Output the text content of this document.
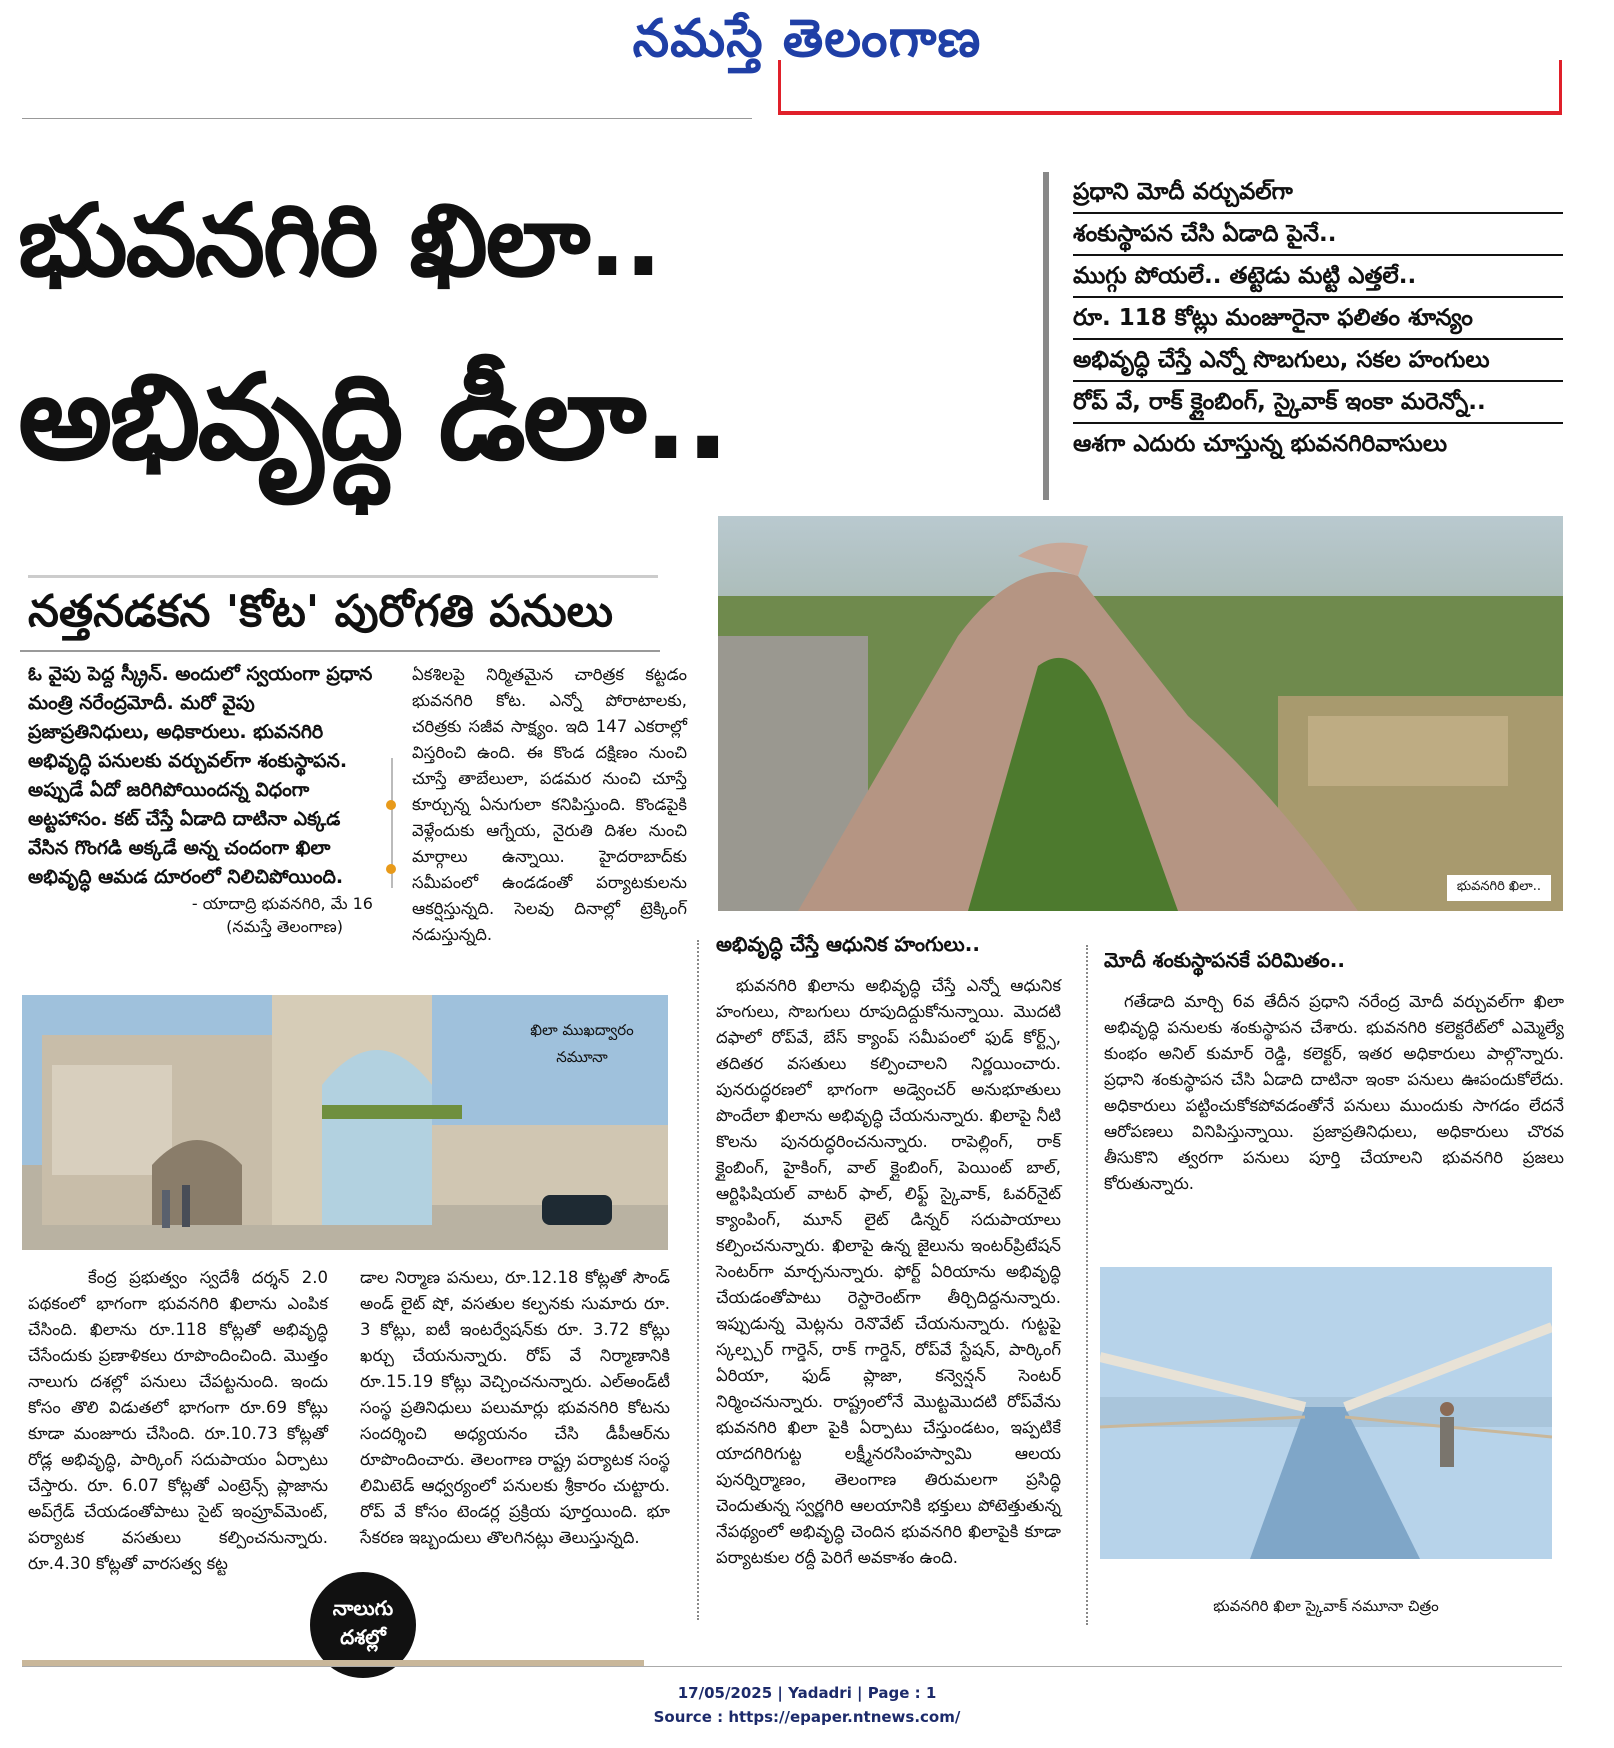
నమస్తే తెలంగాణ
భువనగిరి ఖిలా..
అభివృద్ధి డీలా..
ప్రధాని మోదీ వర్చువల్‌గా
శంకుస్థాపన చేసి ఏడాది పైనే..
ముగ్గు పోయలే.. తట్టెడు మట్టి ఎత్తలే..
రూ. 118 కోట్లు మంజూరైనా ఫలితం శూన్యం
అభివృద్ధి చేస్తే ఎన్నో సొబగులు, సకల హంగులు
రోప్ వే, రాక్ క్లైంబింగ్, స్కైవాక్ ఇంకా మరెన్నో..
ఆశగా ఎదురు చూస్తున్న భువనగిరివాసులు
భువనగిరి ఖిలా..
నత్తనడకన 'కోట' పురోగతి పనులు
ఓ వైపు పెద్ద స్క్రీన్. అందులో స్వయంగా ప్రధాన మంత్రి నరేంద్రమోదీ. మరో వైపు ప్రజాప్రతినిధులు, అధికారులు. భువనగిరి అభివృద్ధి పనులకు వర్చువల్‌గా శంకుస్థాపన. అప్పుడే ఏదో జరిగిపోయిందన్న విధంగా అట్టహాసం. కట్ చేస్తే ఏడాది దాటినా ఎక్కడ వేసిన గొంగడి అక్కడే అన్న చందంగా ఖిలా అభివృద్ధి ఆమడ దూరంలో నిలిచిపోయింది.
- యాదాద్రి భువనగిరి, మే 16
(నమస్తే తెలంగాణ)
ఏకశిలపై నిర్మితమైన చారిత్రక కట్టడం భువనగిరి కోట. ఎన్నో పోరాటాలకు, చరిత్రకు సజీవ సాక్ష్యం. ఇది 147 ఎకరాల్లో విస్తరించి ఉంది. ఈ కొండ దక్షిణం నుంచి చూస్తే తాబేలులా, పడమర నుంచి చూస్తే కూర్చున్న ఏనుగులా కనిపిస్తుంది. కొండపైకి వెళ్లేందుకు ఆగ్నేయ, నైరుతి దిశల నుంచి మార్గాలు ఉన్నాయి. హైదరాబాద్‌కు సమీపంలో ఉండడంతో పర్యాటకులను ఆకర్షిస్తున్నది. సెలవు దినాల్లో ట్రెక్కింగ్ నడుస్తున్నది.
ఖిలా ముఖద్వారం నమూనా
నాలుగు
దశల్లో
కేంద్ర ప్రభుత్వం స్వదేశీ దర్శన్ 2.0 పథకంలో భాగంగా భువనగిరి ఖిలాను ఎంపిక చేసింది. ఖిలాను రూ.118 కోట్లతో అభివృద్ధి చేసేందుకు ప్రణాళికలు రూపొందించింది. మొత్తం నాలుగు దశల్లో పనులు చేపట్టనుంది. ఇందు కోసం తొలి విడుతలో భాగంగా రూ.69 కోట్లు కూడా మంజూరు చేసింది. రూ.10.73 కోట్లతో రోడ్ల అభివృద్ధి, పార్కింగ్ సదుపాయం ఏర్పాటు చేస్తారు. రూ. 6.07 కోట్లతో ఎంట్రెన్స్ ప్లాజాను అప్‌గ్రేడ్ చేయడంతోపాటు సైట్ ఇంప్రూవ్‌మెంట్, పర్యాటక వసతులు కల్పించనున్నారు. రూ.4.30 కోట్లతో వారసత్వ కట్ట
డాల నిర్మాణ పనులు, రూ.12.18 కోట్లతో సౌండ్ అండ్ లైట్ షో, వసతుల కల్పనకు సుమారు రూ. 3 కోట్లు, ఐటీ ఇంటర్వేషన్‌కు రూ. 3.72 కోట్లు ఖర్చు చేయనున్నారు. రోప్ వే నిర్మాణానికి రూ.15.19 కోట్లు వెచ్చించనున్నారు. ఎల్అండ్‌టీ సంస్థ ప్రతినిధులు పలుమార్లు భువనగిరి కోటను సందర్శించి అధ్యయనం చేసి డీపీఆర్‌ను రూపొందించారు. తెలంగాణ రాష్ట్ర పర్యాటక సంస్థ లిమిటెడ్ ఆధ్వర్యంలో పనులకు శ్రీకారం చుట్టారు. రోప్ వే కోసం టెండర్ల ప్రక్రియ పూర్తయింది. భూ సేకరణ ఇబ్బందులు తొలగినట్లు తెలుస్తున్నది.
అభివృద్ధి చేస్తే ఆధునిక హంగులు..
భువనగిరి ఖిలాను అభివృద్ధి చేస్తే ఎన్నో ఆధునిక హంగులు, సొబగులు రూపుదిద్దుకోనున్నాయి. మొదటి దఫాలో రోప్‌వే, బేస్ క్యాంప్ సమీపంలో ఫుడ్ కోర్ట్స్, తదితర వసతులు కల్పించాలని నిర్ణయించారు. పునరుద్ధరణలో భాగంగా అడ్వెంచర్ అనుభూతులు పొందేలా ఖిలాను అభివృద్ధి చేయనున్నారు. ఖిలాపై నీటి కొలను పునరుద్ధరించనున్నారు. రాపెల్లింగ్, రాక్ క్లైంబింగ్, హైకింగ్, వాల్ క్లైంబింగ్, పెయింట్ బాల్, ఆర్టిఫిషియల్ వాటర్ ఫాల్, లిఫ్ట్ స్కైవాక్, ఓవర్‌నైట్ క్యాంపింగ్, మూన్ లైట్ డిన్నర్ సదుపాయాలు కల్పించనున్నారు. ఖిలాపై ఉన్న జైలును ఇంటర్‌ప్రిటేషన్ సెంటర్‌గా మార్చనున్నారు. ఫోర్ట్ ఏరియాను అభివృద్ధి చేయడంతోపాటు రెస్టారెంట్‌గా తీర్చిదిద్దనున్నారు. ఇప్పుడున్న మెట్లను రెనొవేట్ చేయనున్నారు. గుట్టపై స్కల్ప్చర్ గార్డెన్, రాక్ గార్డెన్, రోప్‌వే స్టేషన్, పార్కింగ్ ఏరియా, ఫుడ్ ప్లాజా, కన్వెన్షన్ సెంటర్ నిర్మించనున్నారు. రాష్ట్రంలోనే మొట్టమొదటి రోప్‌వేను భువనగిరి ఖిలా పైకి ఏర్పాటు చేస్తుండటం, ఇప్పటికే యాదగిరిగుట్ట లక్ష్మీనరసింహస్వామి ఆలయ పునర్నిర్మాణం, తెలంగాణ తిరుమలగా ప్రసిద్ధి చెందుతున్న స్వర్ణగిరి ఆలయానికి భక్తులు పోటెత్తుతున్న నేపథ్యంలో అభివృద్ధి చెందిన భువనగిరి ఖిలాపైకి కూడా పర్యాటకుల రద్దీ పెరిగే అవకాశం ఉంది.
మోదీ శంకుస్థాపనకే పరిమితం..
గతేడాది మార్చి 6వ తేదీన ప్రధాని నరేంద్ర మోదీ వర్చువల్‌గా ఖిలా అభివృద్ధి పనులకు శంకుస్థాపన చేశారు. భువనగిరి కలెక్టరేట్‌లో ఎమ్మెల్యే కుంభం అనిల్ కుమార్ రెడ్డి, కలెక్టర్, ఇతర అధికారులు పాల్గొన్నారు. ప్రధాని శంకుస్థాపన చేసి ఏడాది దాటినా ఇంకా పనులు ఊపందుకోలేదు. అధికారులు పట్టించుకోకపోవడంతోనే పనులు ముందుకు సాగడం లేదనే ఆరోపణలు వినిపిస్తున్నాయి. ప్రజాప్రతినిధులు, అధికారులు చొరవ తీసుకొని త్వరగా పనులు పూర్తి చేయాలని భువనగిరి ప్రజలు కోరుతున్నారు.
భువనగిరి ఖిలా స్కైవాక్ నమూనా చిత్రం
17/05/2025 | Yadadri | Page : 1
Source : https://epaper.ntnews.com/
